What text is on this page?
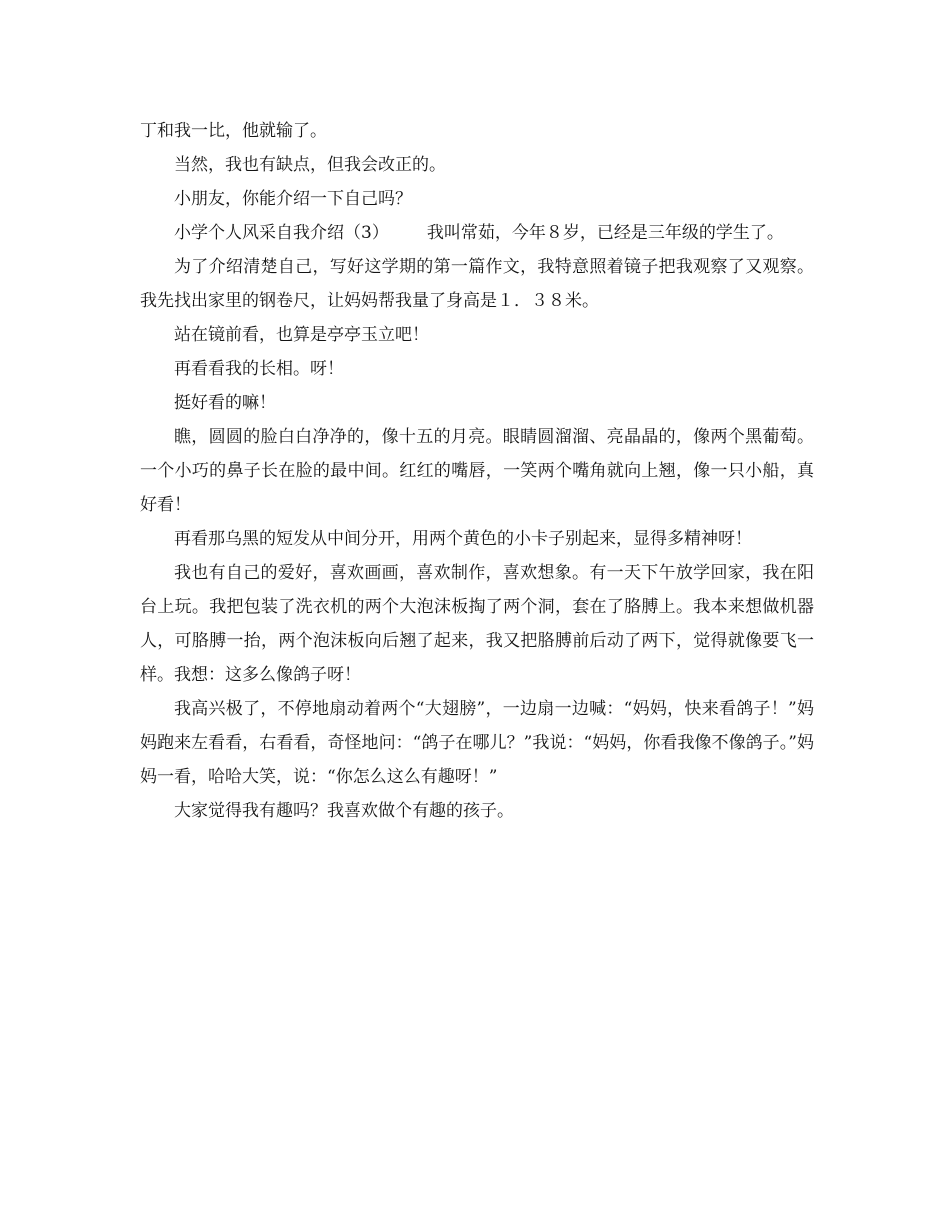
丁和我一比，他就输了。

当然，我也有缺点，但我会改正的。

小朋友，你能介绍一下自己吗？

小学个人风采自我介绍（3） 我叫常茹，今年８岁，已经是三年级的学生了。

为了介绍清楚自己，写好这学期的第一篇作文，我特意照着镜子把我观察了又观察。我先找出家里的钢卷尺，让妈妈帮我量了身高是１．３８米。

站在镜前看，也算是亭亭玉立吧！

再看看我的长相。呀！

挺好看的嘛！

瞧，圆圆的脸白白净净的，像十五的月亮。眼睛圆溜溜、亮晶晶的，像两个黑葡萄。一个小巧的鼻子长在脸的最中间。红红的嘴唇，一笑两个嘴角就向上翘，像一只小船，真好看！

再看那乌黑的短发从中间分开，用两个黄色的小卡子别起来，显得多精神呀！

我也有自己的爱好，喜欢画画，喜欢制作，喜欢想象。有一天下午放学回家，我在阳台上玩。我把包装了洗衣机的两个大泡沫板掏了两个洞，套在了胳膊上。我本来想做机器人，可胳膊一抬，两个泡沫板向后翘了起来，我又把胳膊前后动了两下，觉得就像要飞一样。我想：这多么像鸽子呀！

我高兴极了，不停地扇动着两个“大翅膀”，一边扇一边喊：“妈妈，快来看鸽子！”妈妈跑来左看看，右看看，奇怪地问：“鸽子在哪儿？”我说：“妈妈，你看我像不像鸽子。”妈妈一看，哈哈大笑，说：“你怎么这么有趣呀！”

大家觉得我有趣吗？我喜欢做个有趣的孩子。
